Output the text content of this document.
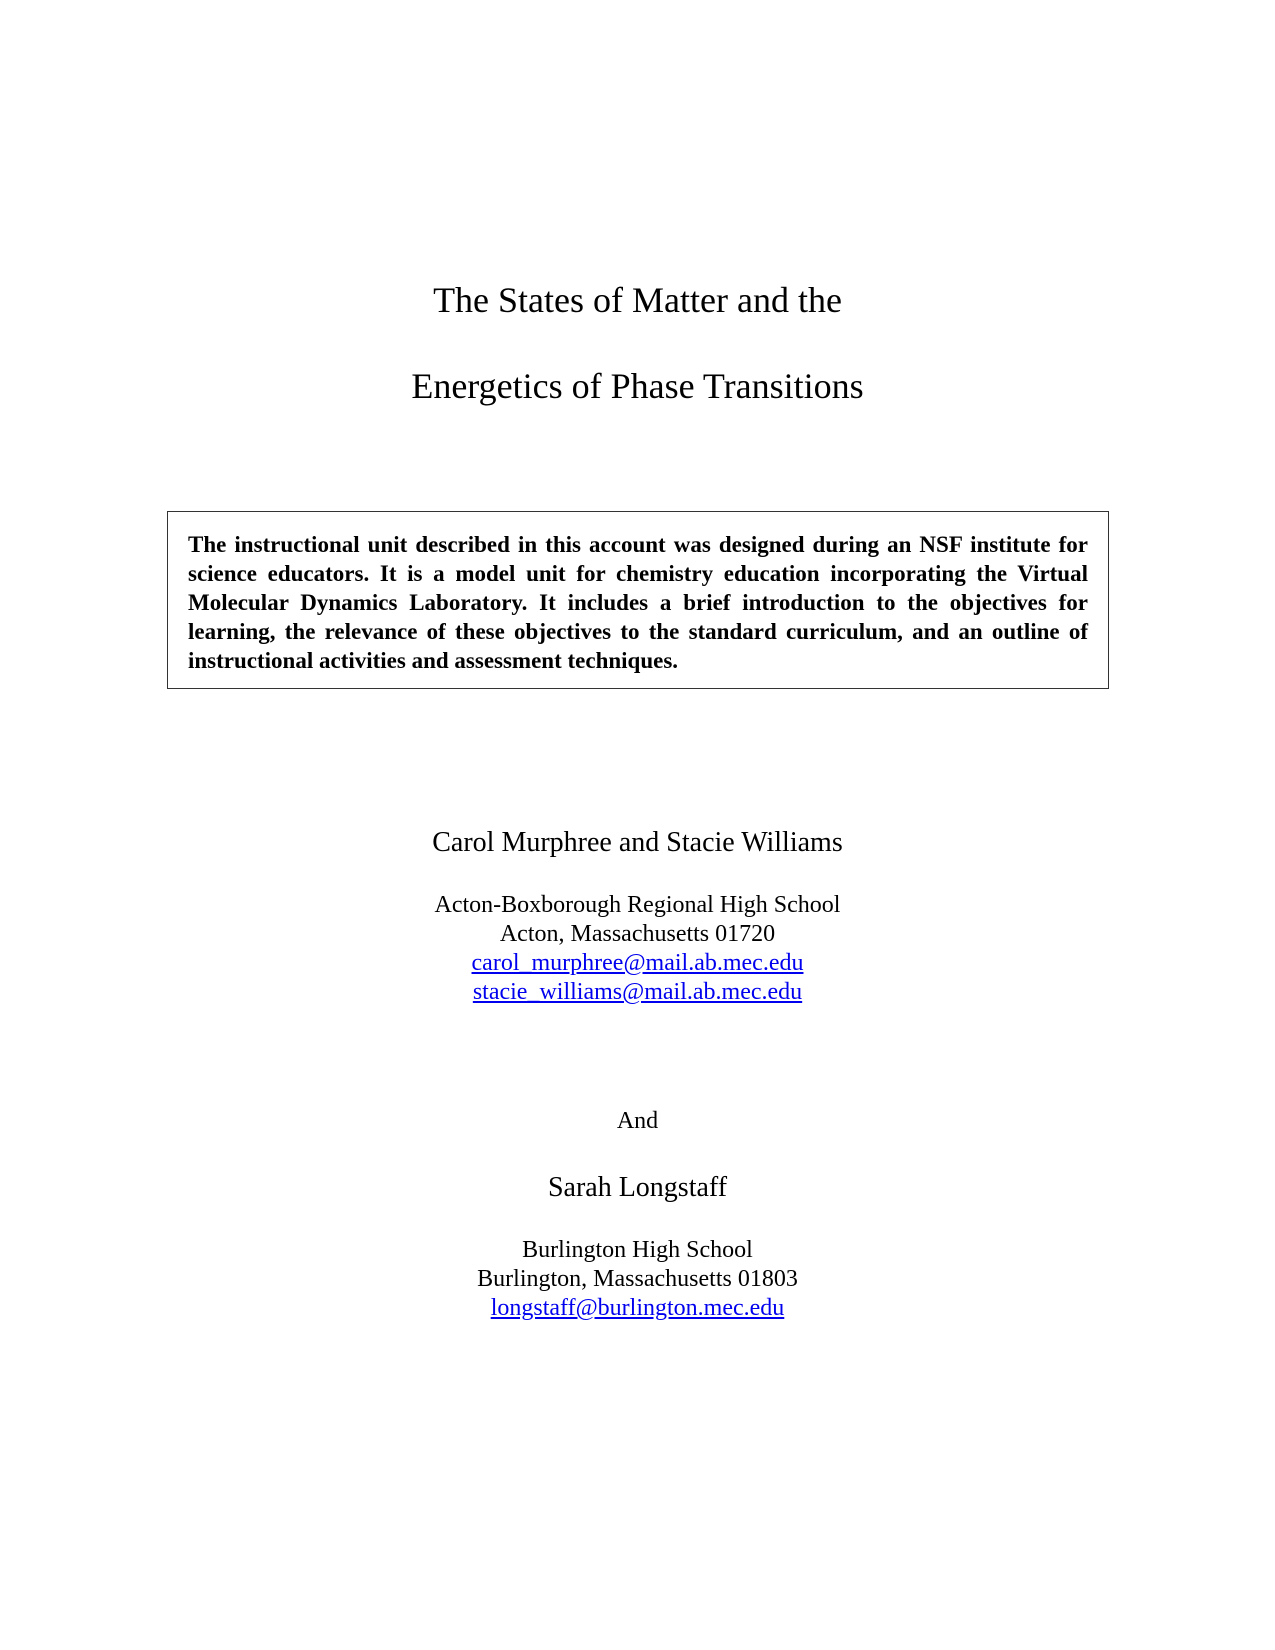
The States of Matter and the
Energetics of Phase Transitions

The instructional unit described in this account was designed during an NSF institute for science educators. It is a model unit for chemistry education incorporating the Virtual Molecular Dynamics Laboratory. It includes a brief introduction to the objectives for learning, the relevance of these objectives to the standard curriculum, and an outline of instructional activities and assessment techniques.

Carol Murphree and Stacie Williams
Acton-Boxborough Regional High School
Acton, Massachusetts 01720
carol_murphree@mail.ab.mec.edu
stacie_williams@mail.ab.mec.edu
And
Sarah Longstaff
Burlington High School
Burlington, Massachusetts 01803
longstaff@burlington.mec.edu
